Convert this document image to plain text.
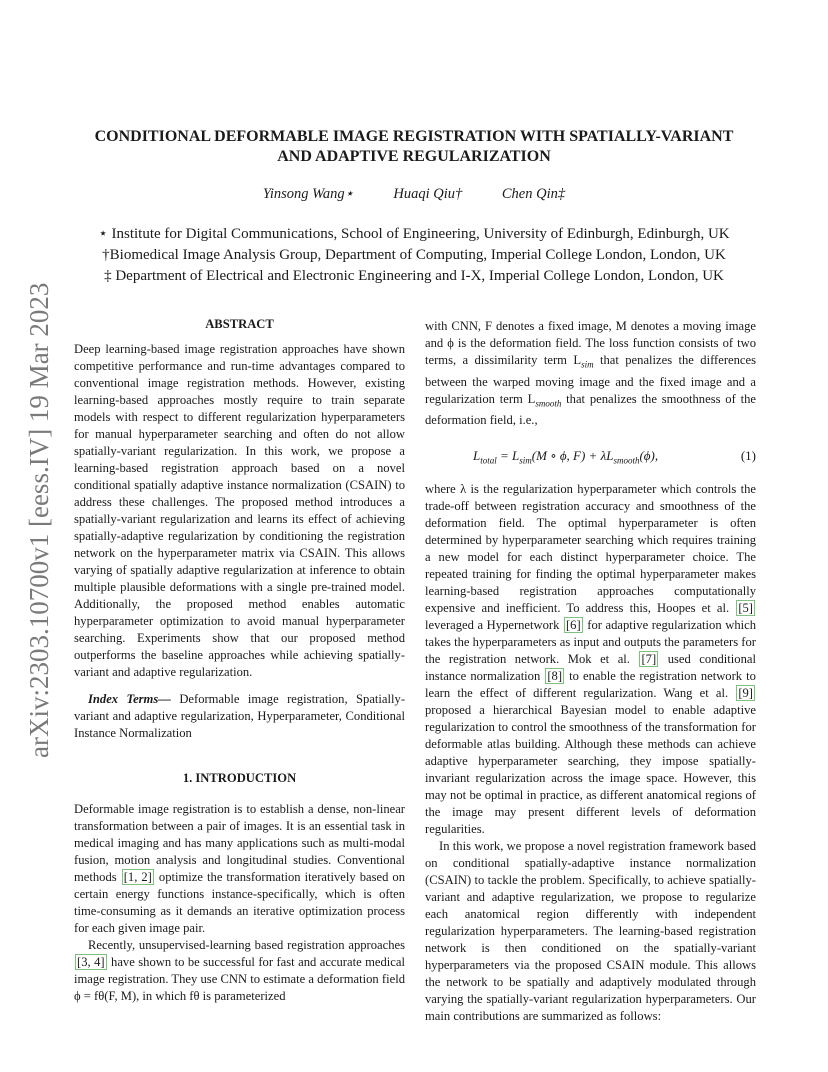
arXiv:2303.10700v1 [eess.IV] 19 Mar 2023
CONDITIONAL DEFORMABLE IMAGE REGISTRATION WITH SPATIALLY-VARIANT
AND ADAPTIVE REGULARIZATION
Yinsong Wang⋆	Huaqi Qiu†	Chen Qin‡
⋆ Institute for Digital Communications, School of Engineering, University of Edinburgh, Edinburgh, UK
†Biomedical Image Analysis Group, Department of Computing, Imperial College London, London, UK
‡ Department of Electrical and Electronic Engineering and I-X, Imperial College London, London, UK
ABSTRACT

Deep learning-based image registration approaches have shown competitive performance and run-time advantages compared to conventional image registration methods. However, existing learning-based approaches mostly require to train separate models with respect to different regularization hyperparameters for manual hyperparameter searching and often do not allow spatially-variant regularization. In this work, we propose a learning-based registration approach based on a novel conditional spatially adaptive instance normalization (CSAIN) to address these challenges. The proposed method introduces a spatially-variant regularization and learns its effect of achieving spatially-adaptive regularization by conditioning the registration network on the hyperparameter matrix via CSAIN. This allows varying of spatially adaptive regularization at inference to obtain multiple plausible deformations with a single pre-trained model. Additionally, the proposed method enables automatic hyperparameter optimization to avoid manual hyperparameter searching. Experiments show that our proposed method outperforms the baseline approaches while achieving spatially-variant and adaptive regularization.

Index Terms— Deformable image registration, Spatially-variant and adaptive regularization, Hyperparameter, Conditional Instance Normalization

1. INTRODUCTION

Deformable image registration is to establish a dense, non-linear transformation between a pair of images. It is an essential task in medical imaging and has many applications such as multi-modal fusion, motion analysis and longitudinal studies. Conventional methods [1, 2] optimize the transformation iteratively based on certain energy functions instance-specifically, which is often time-consuming as it demands an iterative optimization process for each given image pair.

Recently, unsupervised-learning based registration approaches [3, 4] have shown to be successful for fast and accurate medical image registration. They use CNN to estimate a deformation field ϕ = fθ(F, M), in which fθ is parameterized

with CNN, F denotes a fixed image, M denotes a moving image and ϕ is the deformation field. The loss function consists of two terms, a dissimilarity term $L_{sim}$ that penalizes the differences between the warped moving image and the fixed image and a regularization term $L_{smooth}$ that penalizes the smoothness of the deformation field, i.e.,

$L_{total} = L_{sim}(M$ ∘ ϕ, $F) + \lambda L_{smooth}(\phi)$,	(1)

where λ is the regularization hyperparameter which controls the trade-off between registration accuracy and smoothness of the deformation field. The optimal hyperparameter is often determined by hyperparameter searching which requires training a new model for each distinct hyperparameter choice. The repeated training for finding the optimal hyperparameter makes learning-based registration approaches computationally expensive and inefficient. To address this, Hoopes et al. [5] leveraged a Hypernetwork [6] for adaptive regularization which takes the hyperparameters as input and outputs the parameters for the registration network. Mok et al. [7] used conditional instance normalization [8] to enable the registration network to learn the effect of different regularization. Wang et al. [9] proposed a hierarchical Bayesian model to enable adaptive regularization to control the smoothness of the transformation for deformable atlas building. Although these methods can achieve adaptive hyperparameter searching, they impose spatially-invariant regularization across the image space. However, this may not be optimal in practice, as different anatomical regions of the image may present different levels of deformation regularities.

In this work, we propose a novel registration framework based on conditional spatially-adaptive instance normalization (CSAIN) to tackle the problem. Specifically, to achieve spatially-variant and adaptive regularization, we propose to regularize each anatomical region differently with independent regularization hyperparameters. The learning-based registration network is then conditioned on the spatially-variant hyperparameters via the proposed CSAIN module. This allows the network to be spatially and adaptively modulated through varying the spatially-variant regularization hyperparameters. Our main contributions are summarized as follows:
